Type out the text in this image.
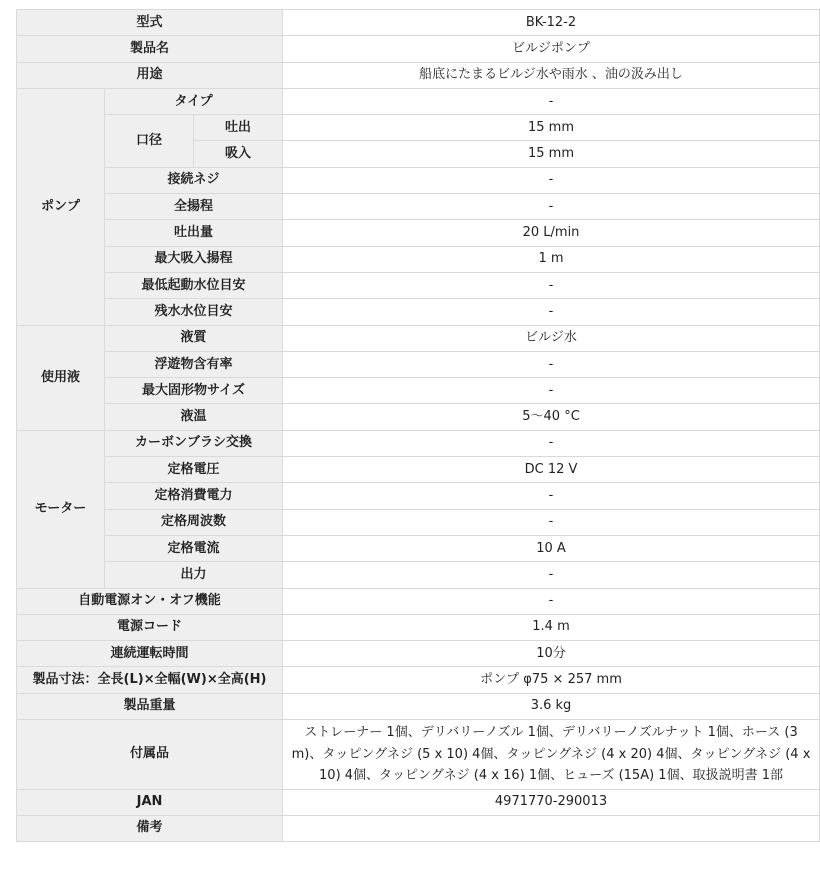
型式			BK-12-2
製品名			ビルジポンプ
用途			船底にたまるビルジ水や雨水 、油の汲み出し
ポンプ	タイプ		-
	口径	吐出	15 mm
		吸入	15 mm
	接続ネジ		-
	全揚程		-
	吐出量		20 L/min
	最大吸入揚程		1 m
	最低起動水位目安		-
	残水水位目安		-
使用液	液質		ビルジ水
	浮遊物含有率		-
	最大固形物サイズ		-
	液温		5～40 °C
モーター	カーボンブラシ交換		-
	定格電圧		DC 12 V
	定格消費電力		-
	定格周波数		-
	定格電流		10 A
	出力		-
自動電源オン・オフ機能			-
電源コード			1.4 m
連続運転時間			10分
製品寸法：全長(L)×全幅(W)×全高(H)			ポンプ φ75 × 257 mm
製品重量			3.6 kg
付属品			ストレーナー 1個、デリバリーノズル 1個、デリバリーノズルナット 1個、ホース (3 m)、タッピングネジ (5 x 10) 4個、タッピングネジ (4 x 20) 4個、タッピングネジ (4 x 10) 4個、タッピングネジ (4 x 16) 1個、ヒューズ (15A) 1個、取扱説明書 1部
JAN			4971770-290013
備考			
